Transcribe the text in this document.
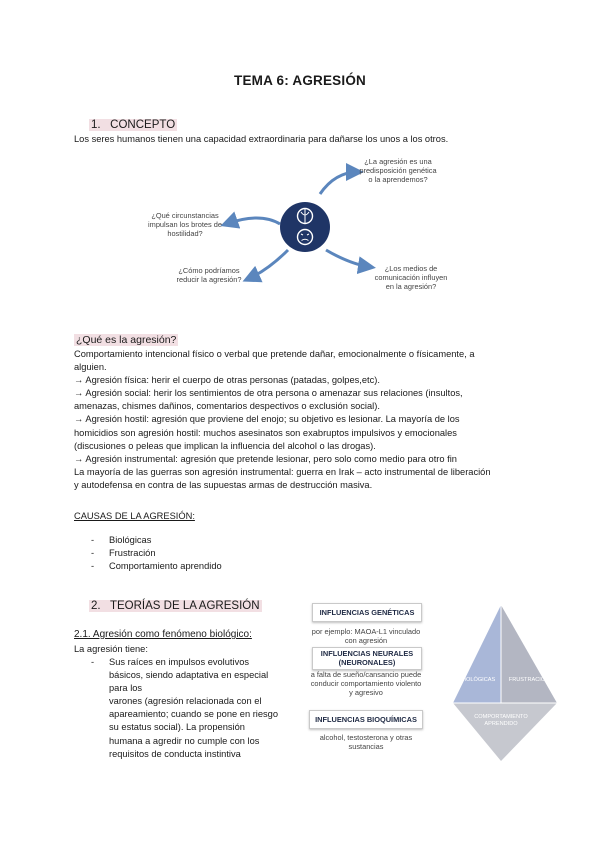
TEMA 6: AGRESIÓN
1.   CONCEPTO
Los seres humanos tienen una capacidad extraordinaria para dañarse los unos a los otros.
¿La agresión es una predisposición genética o la aprendemos?
¿Qué circunstancias impulsan los brotes de hostilidad?
¿Cómo podríamos reducir la agresión?
¿Los medios de comunicación influyen en la agresión?
¿Qué es la agresión?
Comportamiento intencional físico o verbal que pretende dañar, emocionalmente o físicamente, a
alguien.
→ Agresión física: herir el cuerpo de otras personas (patadas, golpes,etc).
→ Agresión social: herir los sentimientos de otra persona o amenazar sus relaciones (insultos,
amenazas, chismes dañinos, comentarios despectivos o exclusión social).
→ Agresión hostil: agresión que proviene del enojo; su objetivo es lesionar. La mayoría de los
homicidios son agresión hostil: muchos asesinatos son exabruptos impulsivos y emocionales
(discusiones o peleas que implican la influencia del alcohol o las drogas).
→ Agresión instrumental: agresión que pretende lesionar, pero solo como medio para otro fin
La mayoría de las guerras son agresión instrumental: guerra en Irak – acto instrumental de liberación
y autodefensa en contra de las supuestas armas de destrucción masiva.
CAUSAS DE LA AGRESIÓN:
- Biológicas
- Frustración
- Comportamiento aprendido
2.   TEORÍAS DE LA AGRESIÓN
2.1. Agresión como fenómeno biológico:
La agresión tiene:
- Sus raíces en impulsos evolutivos
básicos, siendo adaptativa en especial
para los
varones (agresión relacionada con el
apareamiento; cuando se pone en riesgo
su estatus social). La propensión
humana a agredir no cumple con los
requisitos de conducta instintiva
INFLUENCIAS GENÉTICAS
por ejemplo: MAOA-L1 vinculado con agresión
INFLUENCIAS NEURALES (NEURONALES)
a falta de sueño/cansancio puede conducir comportamiento violento y agresivo
INFLUENCIAS BIOQUÍMICAS
alcohol, testosterona y otras sustancias
BIOLÓGICAS	FRUSTRACIÓN
COMPORTAMIENTO APRENDIDO
